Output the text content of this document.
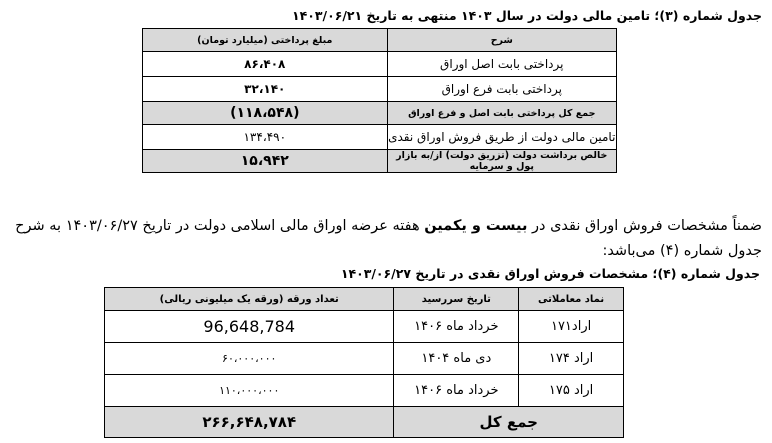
جدول شماره (۳)؛ تامین مالی دولت در سال ۱۴۰۳ منتهی به تاریخ ۱۴۰۳/۰۶/۲۱
شرح	مبلغ پرداختی (میلیارد تومان)
پرداختی بابت اصل اوراق	۸۶،۴۰۸
پرداختی بابت فرع اوراق	۳۲،۱۴۰
جمع کل پرداختی بابت اصل و فرع اوراق	(۱۱۸،۵۴۸)
تامین مالی دولت از طریق فروش اوراق نقدی	۱۳۴،۴۹۰
خالص برداشت دولت (تزریق دولت) از/به بازار پول و سرمایه	۱۵،۹۴۲
ضمناً مشخصات فروش اوراق نقدی در بیست و یکمین هفته عرضه اوراق مالی اسلامی دولت در تاریخ ۱۴۰۳/۰۶/۲۷ به شرح جدول شماره (۴) می‌باشد:
جدول شماره (۴)؛ مشخصات فروش اوراق نقدی در تاریخ ۱۴۰۳/۰۶/۲۷
نماد معاملاتی	تاریخ سررسید	تعداد ورقه (ورقه یک میلیونی ریالی)
اراد۱۷۱	خرداد ماه ۱۴۰۶	96,648,784
اراد ۱۷۴	دی ماه ۱۴۰۴	۶۰،۰۰۰،۰۰۰
اراد ۱۷۵	خرداد ماه ۱۴۰۶	۱۱۰،۰۰۰،۰۰۰
جمع کل		۲۶۶,۶۴۸,۷۸۴
